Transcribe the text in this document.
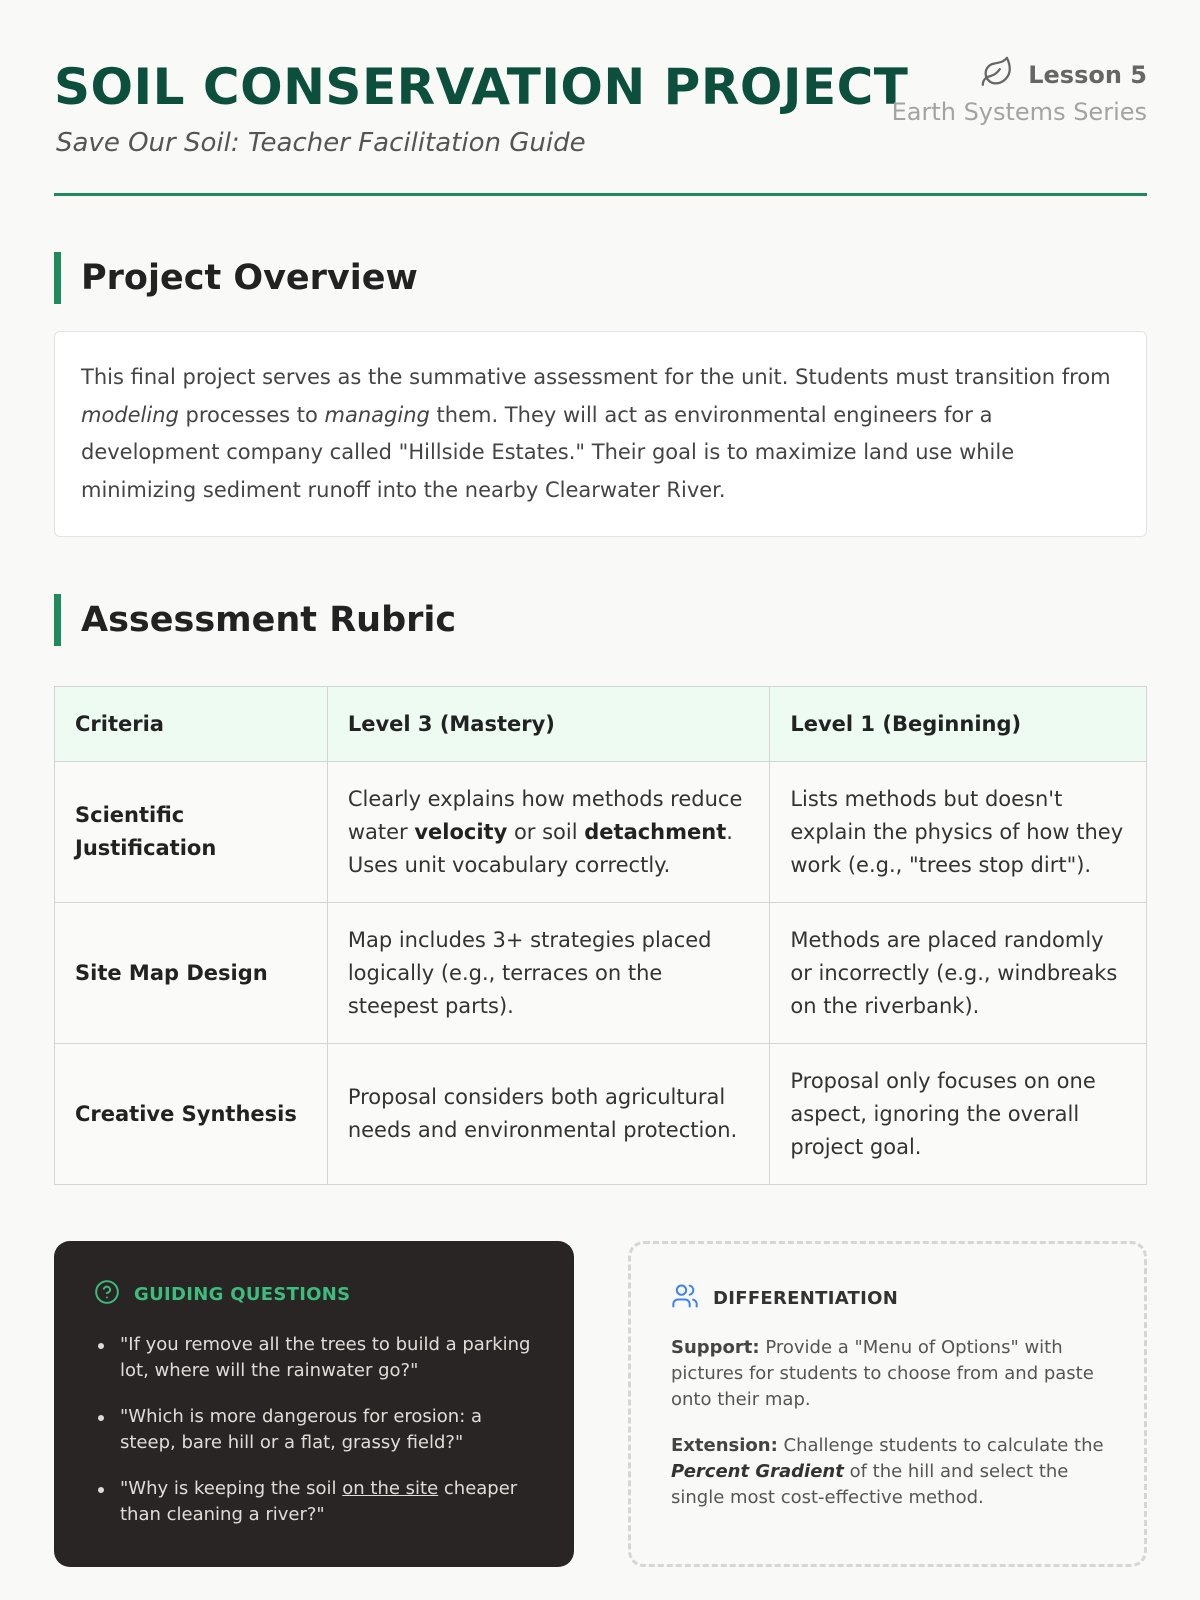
SOIL CONSERVATION PROJECT
Save Our Soil: Teacher Facilitation Guide
Lesson 5
Earth Systems Series
Project Overview
This final project serves as the summative assessment for the unit. Students must transition from modeling processes to managing them. They will act as environmental engineers for a development company called "Hillside Estates." Their goal is to maximize land use while minimizing sediment runoff into the nearby Clearwater River.
Assessment Rubric
Criteria	Level 3 (Mastery)	Level 1 (Beginning)
Scientific Justification	Clearly explains how methods reduce water velocity or soil detachment. Uses unit vocabulary correctly.	Lists methods but doesn't explain the physics of how they work (e.g., "trees stop dirt").
Site Map Design	Map includes 3+ strategies placed logically (e.g., terraces on the steepest parts).	Methods are placed randomly or incorrectly (e.g., windbreaks on the riverbank).
Creative Synthesis	Proposal considers both agricultural needs and environmental protection.	Proposal only focuses on one aspect, ignoring the overall project goal.
GUIDING QUESTIONS
"If you remove all the trees to build a parking lot, where will the rainwater go?"
"Which is more dangerous for erosion: a steep, bare hill or a flat, grassy field?"
"Why is keeping the soil on the site cheaper than cleaning a river?"
DIFFERENTIATION

Support: Provide a "Menu of Options" with pictures for students to choose from and paste onto their map.

Extension: Challenge students to calculate the Percent Gradient of the hill and select the single most cost-effective method.
